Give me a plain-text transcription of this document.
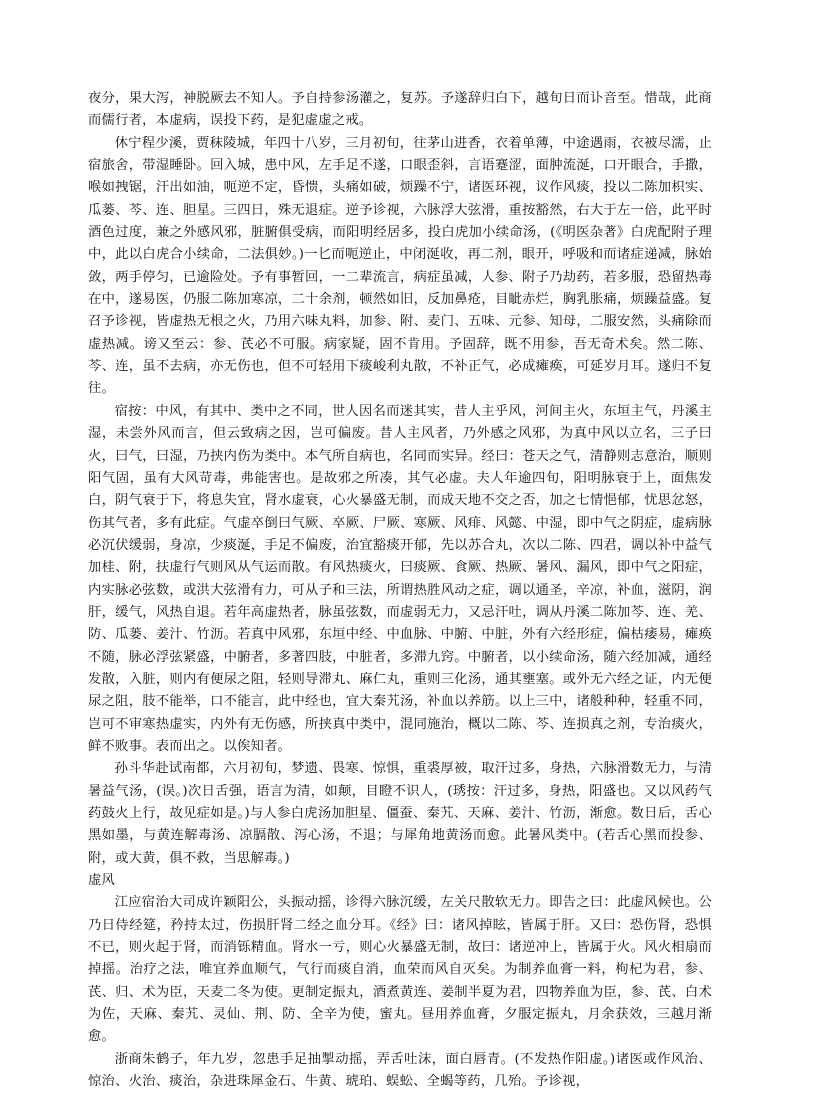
夜分，果大泻，神脱厥去不知人。予自持参汤灌之，复苏。予遂辞归白下，越旬日而讣音至。惜哉，此商而儒行者，本虚病，误投下药，是犯虚虚之戒。

休宁程少溪，贾秣陵城，年四十八岁，三月初旬，往茅山进香，衣着单薄，中途遇雨，衣被尽濡，止宿旅舍，带湿睡卧。回入城，患中风，左手足不遂，口眼歪斜，言语蹇涩，面肿流涎，口开眼合，手撒，喉如拽锯，汗出如油，呃逆不定，昏愦，头痛如破，烦躁不宁，诸医环视，议作风痰，投以二陈加枳实、瓜蒌、芩、连、胆星。三四日，殊无退症。逆予诊视，六脉浮大弦滑，重按豁然，右大于左一倍，此平时酒色过度，兼之外感风邪，脏腑俱受病，而阳明经居多，投白虎加小续命汤，(《明医杂著》白虎配附子理中，此以白虎合小续命，二法俱妙。)一匕而呃逆止，中闭涎收，再二剂，眼开，呼吸和而诸症递减，脉始敛，两手停匀，已逾险处。予有事暂回，一二辈流言，病症虽减，人参、附子乃劫药，若多服，恐留热毒在中，遂易医，仍服二陈加寒凉，二十余剂，顿然如旧，反加鼻疮，目眦赤烂，胸乳胀痛，烦躁益盛。复召予诊视，皆虚热无根之火，乃用六味丸料，加参、附、麦门、五味、元参、知母，二服安然，头痛除而虚热减。谤又至云：参、芪必不可服。病家疑，固不肯用。予固辞，既不用参，吾无奇术矣。然二陈、芩、连，虽不去病，亦无伤也，但不可轻用下痰峻利丸散，不补正气，必成瘫痪，可延岁月耳。遂归不复往。

宿按：中风，有其中、类中之不同，世人因名而迷其实，昔人主乎风，河间主火，东垣主气，丹溪主湿，未尝外风而言，但云致病之因，岂可偏废。昔人主风者，乃外感之风邪，为真中风以立名，三子曰火，曰气，曰湿，乃挟内伤为类中。本气所自病也，名同而实异。经曰：苍天之气，清静则志意治，顺则阳气固，虽有大风苛毒，弗能害也。是故邪之所凑，其气必虚。夫人年逾四旬，阳明脉衰于上，面焦发白，阴气衰于下，将息失宜，肾水虚衰，心火暴盛无制，而成天地不交之否，加之七情悒郁，忧思忿怒，伤其气者，多有此症。气虚卒倒曰气厥、卒厥、尸厥、寒厥、风痱、风懿、中湿，即中气之阴症，虚病脉必沉伏缓弱，身凉，少痰涎，手足不偏废，治宜豁痰开郁，先以苏合丸，次以二陈、四君，调以补中益气加桂、附，扶虚行气则风从气运而散。有风热痰火，曰痰厥、食厥、热厥、暑风、漏风，即中气之阳症，内实脉必弦数，或洪大弦滑有力，可从子和三法，所谓热胜风动之症，调以通圣，辛凉，补血，滋阴，润肝，缓气，风热自退。若年高虚热者，脉虽弦数，而虚弱无力，又忌汗吐，调从丹溪二陈加芩、连、羌、防、瓜蒌、姜汁、竹沥。若真中风邪，东垣中经、中血脉、中腑、中脏，外有六经形症，偏枯痿易，瘫痪不随，脉必浮弦紧盛，中腑者，多著四肢，中脏者，多滞九窍。中腑者，以小续命汤，随六经加减，通经发散，入脏，则内有便尿之阻，轻则导滞丸、麻仁丸，重则三化汤，通其壅塞。或外无六经之证，内无便尿之阻，肢不能举，口不能言，此中经也，宜大秦艽汤，补血以养筋。以上三中，诸般种种，轻重不同，岂可不审寒热虚实，内外有无伤感，所挟真中类中，混同施治，概以二陈、芩、连损真之剂，专治痰火，鲜不败事。表而出之。以俟知者。

孙斗华赴试南都，六月初旬，梦遗、畏寒、惊惧，重裘厚被，取汗过多，身热，六脉滑数无力，与清暑益气汤，(误。)次日舌强，语言为清，如颠，目瞪不识人，(琇按：汗过多，身热，阳盛也。又以风药气药鼓火上行，故见症如是。)与人参白虎汤加胆星、僵蚕、秦艽、天麻、姜汁、竹沥，渐愈。数日后，舌心黑如墨，与黄连解毒汤、凉膈散、泻心汤，不退；与犀角地黄汤而愈。此暑风类中。(若舌心黑而投参、附，或大黄，俱不救，当思解毒。)

虚风

江应宿治大司成许颖阳公，头振动摇，诊得六脉沉缓，左关尺散软无力。即告之曰：此虚风候也。公乃日侍经筵，矜持太过，伤损肝肾二经之血分耳。《经》曰：诸风掉眩，皆属于肝。又曰：恐伤肾，恐惧不已，则火起于肾，而消铄精血。肾水一亏，则心火暴盛无制，故曰：诸逆冲上，皆属于火。风火相扇而掉摇。治疗之法，唯宜养血顺气，气行而痰自消，血荣而风自灭矣。为制养血膏一料，枸杞为君，参、芪、归、术为臣，天麦二冬为使。更制定振丸，酒煮黄连、姜制半夏为君，四物养血为臣，参、芪、白术为佐，天麻、秦艽、灵仙、荆、防、全辛为使，蜜丸。昼用养血膏，夕服定振丸，月余获效，三越月渐愈。

浙商朱鹤子，年九岁，忽患手足抽掣动摇，弄舌吐沫，面白唇青。(不发热作阳虚。)诸医或作风治、惊治、火治、痰治，杂进珠犀金石、牛黄、琥珀、蜈蚣、全蝎等药，几殆。予诊视，
